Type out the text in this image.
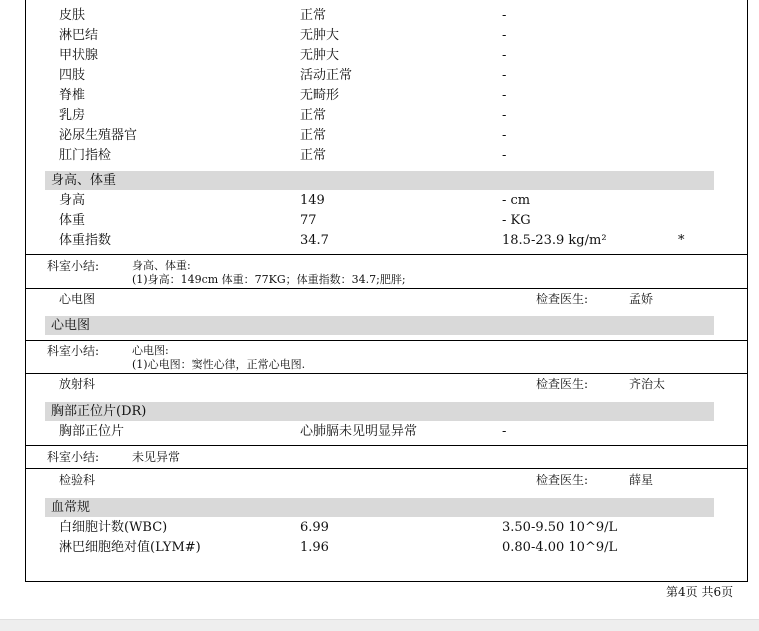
皮肤	正常	-
淋巴结	无肿大	-
甲状腺	无肿大	-
四肢	活动正常	-
脊椎	无畸形	-
乳房	正常	-
泌尿生殖器官	正常	-
肛门指检	正常	-
身高、体重
身高	149	- cm
体重	77	- KG
体重指数	34.7	18.5-23.9 kg/m²	*
科室小结:	身高、体重:
(1)身高：149cm 体重：77KG；体重指数：34.7;肥胖;
心电图	检查医生:	孟娇
心电图
科室小结:	心电图:
(1)心电图：窦性心律，正常心电图.
放射科	检查医生:	齐治太
胸部正位片(DR)
胸部正位片	心肺膈未见明显异常	-
科室小结:	未见异常
检验科	检查医生:	薛星
血常规
白细胞计数(WBC)	6.99	3.50-9.50 10^9/L
淋巴细胞绝对值(LYM#)	1.96	0.80-4.00 10^9/L
第4页 共6页
